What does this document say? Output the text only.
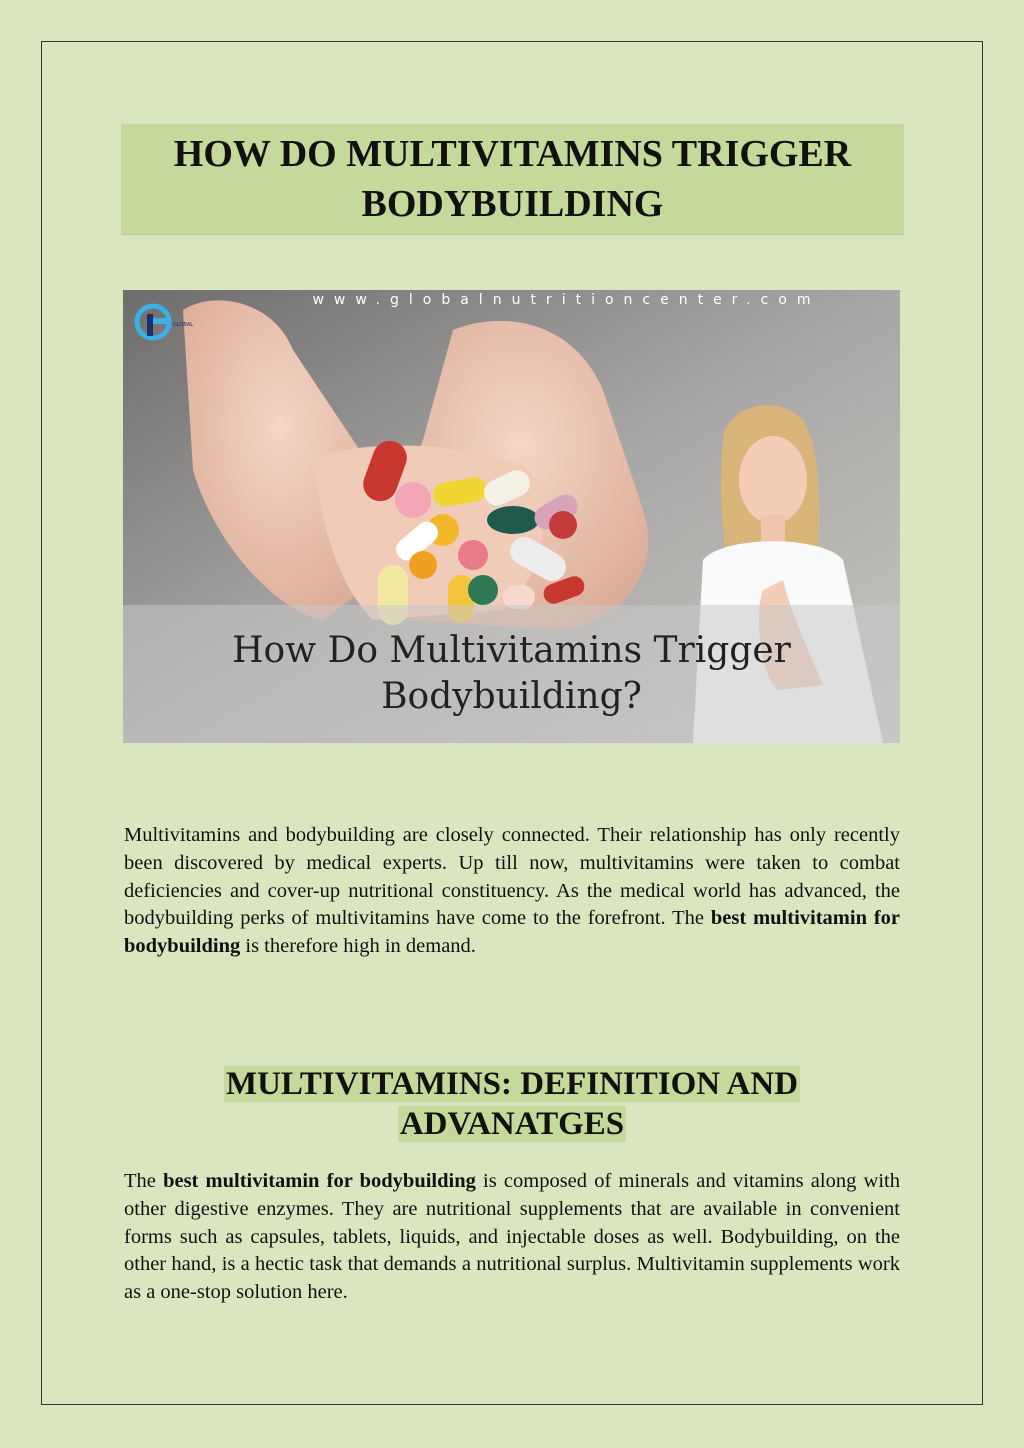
HOW DO MULTIVITAMINS TRIGGER
BODYBUILDING
GLOBAL
www.globalnutritioncenter.com
How Do Multivitamins Trigger
Bodybuilding?

Multivitamins and bodybuilding are closely connected. Their relationship has only recently been discovered by medical experts. Up till now, multivitamins were taken to combat deficiencies and cover-up nutritional constituency. As the medical world has advanced, the bodybuilding perks of multivitamins have come to the forefront. The best multivitamin for bodybuilding is therefore high in demand.

MULTIVITAMINS: DEFINITION AND
ADVANATGES

The best multivitamin for bodybuilding is composed of minerals and vitamins along with other digestive enzymes. They are nutritional supplements that are available in convenient forms such as capsules, tablets, liquids, and injectable doses as well. Bodybuilding, on the other hand, is a hectic task that demands a nutritional surplus. Multivitamin supplements work as a one-stop solution here.
